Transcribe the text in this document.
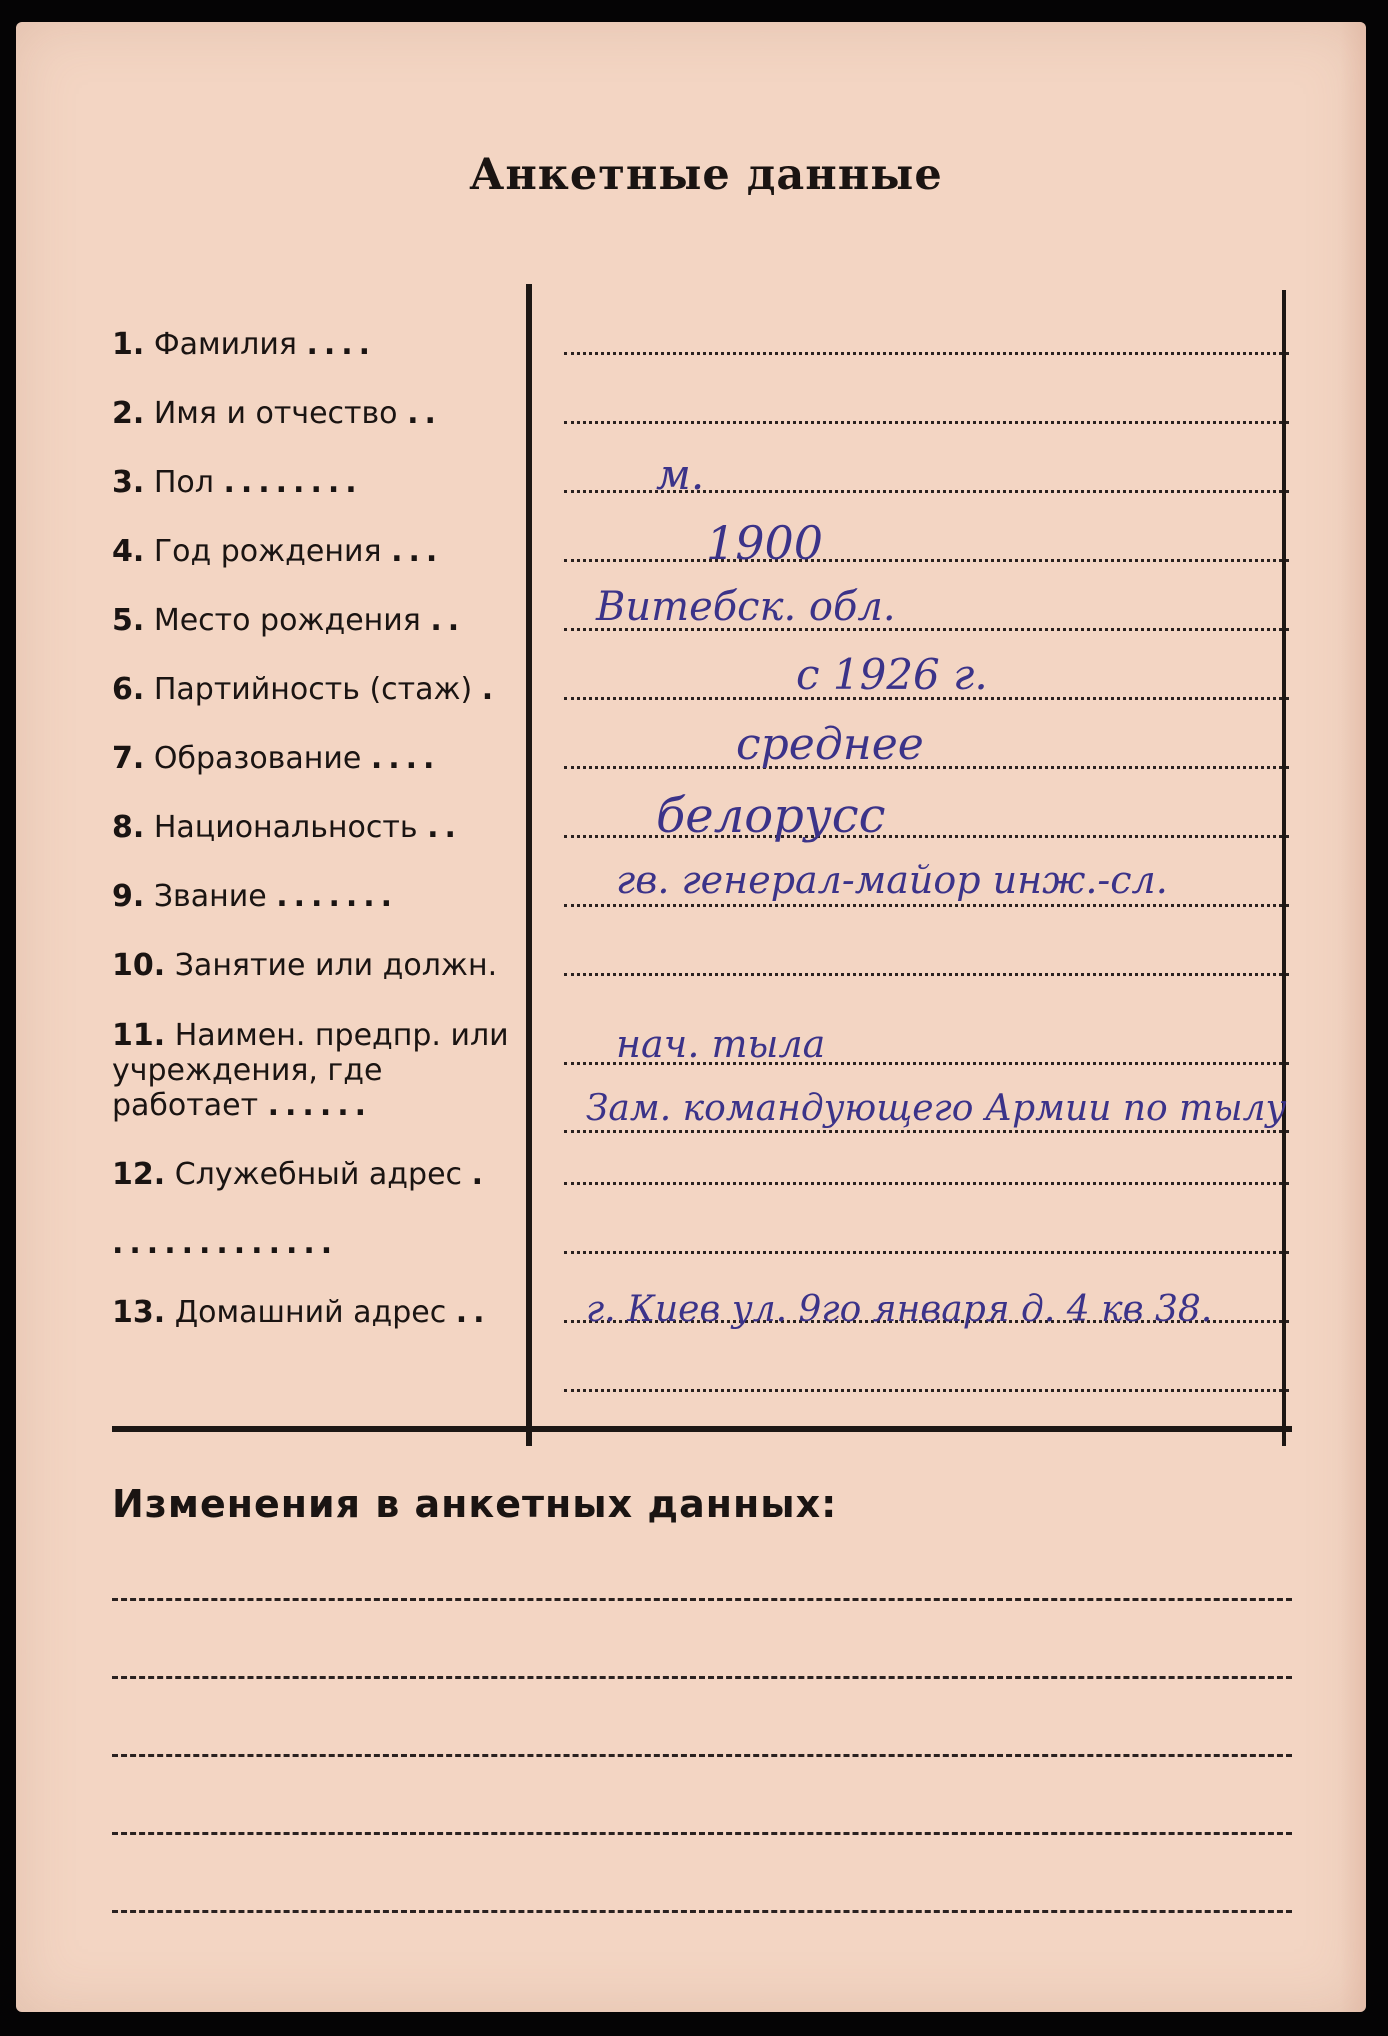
Анкетные данные
1. Фамилия ....
2. Имя и отчество ..
3. Пол ........
4. Год рождения ...
5. Место рождения ..
6. Партийность (стаж) .
7. Образование ....
8. Национальность ..
9. Звание .......
10. Занятие или должн.
11. Наимен. предпр. или учреждения, где работает ......
12. Служебный адрес .
.............
13. Домашний адрес ..
м.
1900
Витебск. обл.
с 1926 г.
среднее
белорусс
гв. генерал-майор инж.-сл.
нач. тыла
Зам. командующего Армии по тылу
г. Киев ул. 9го января д. 4 кв 38.
Изменения в анкетных данных:
